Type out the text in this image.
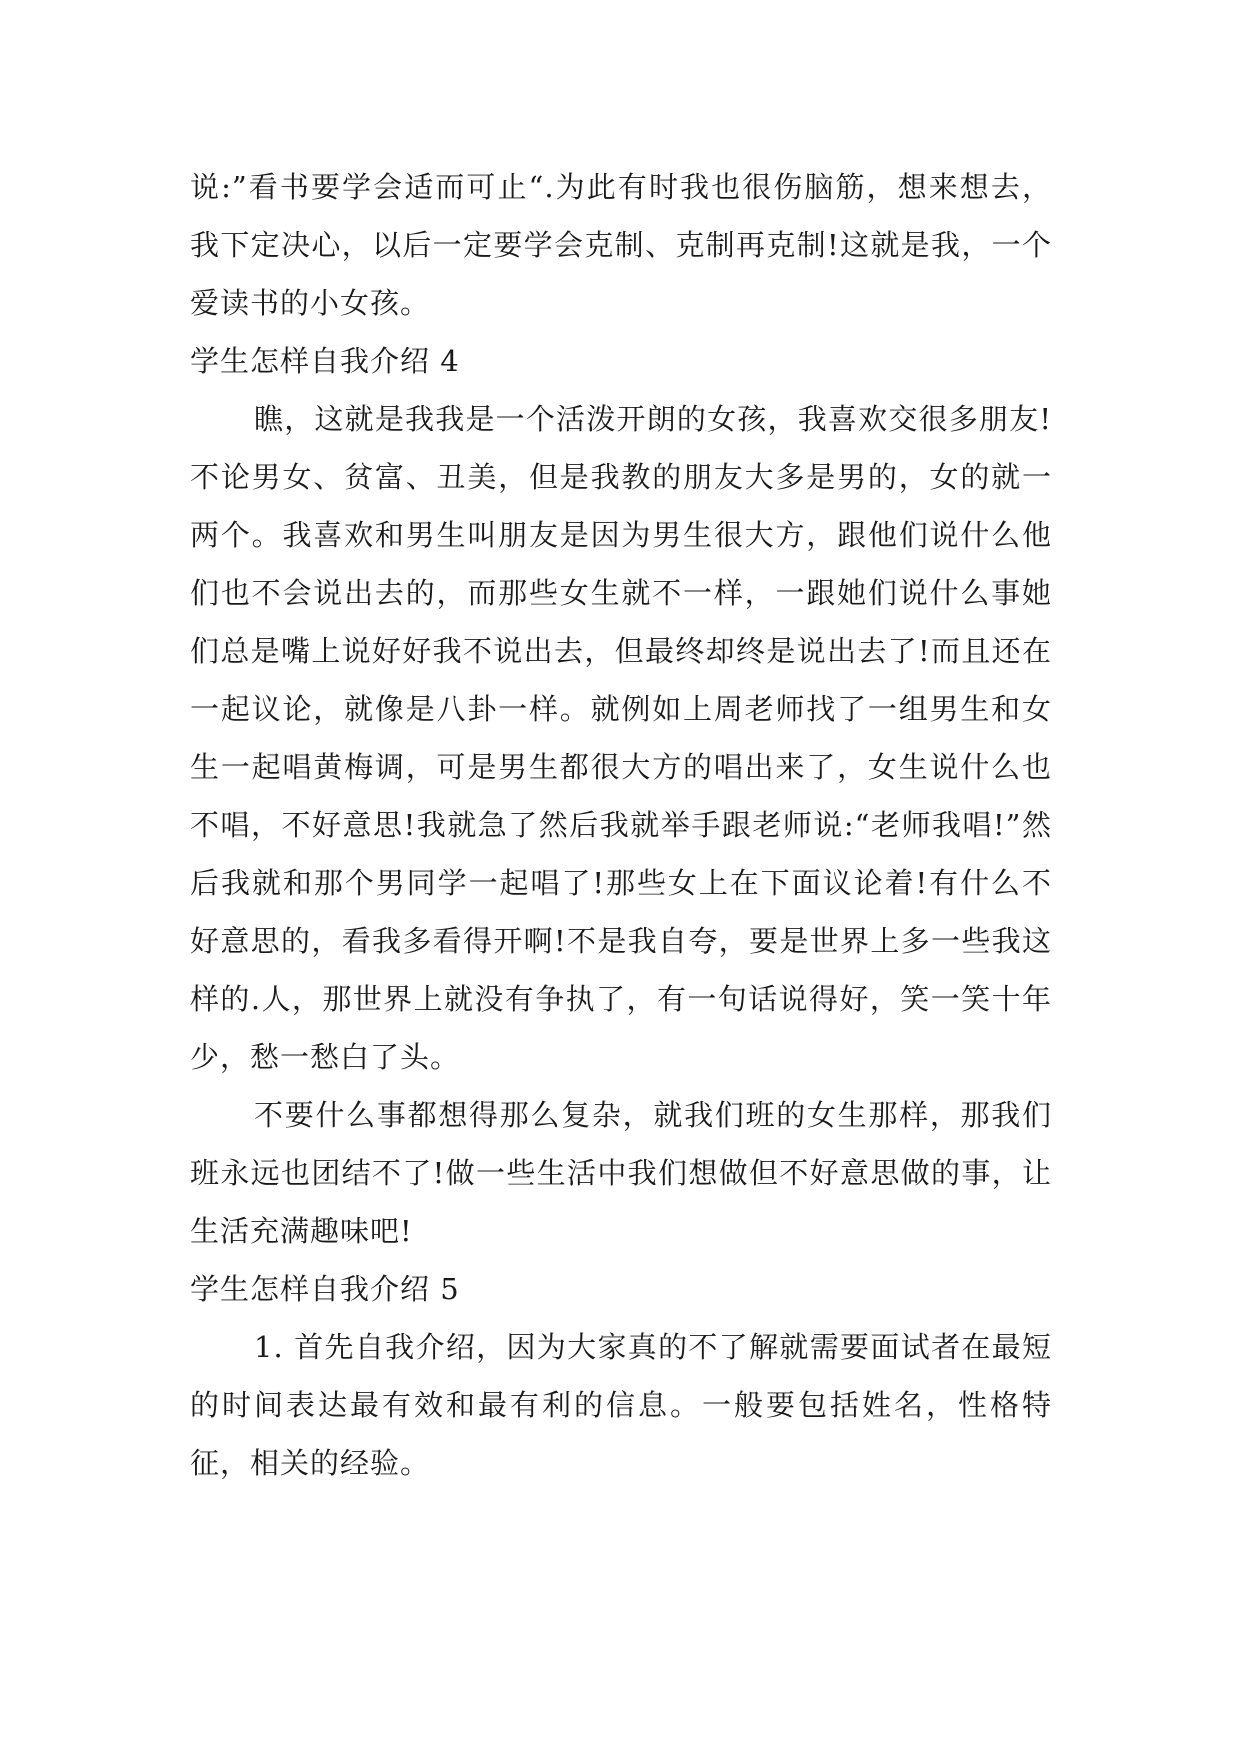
说:”看书要学会适而可止“.为此有时我也很伤脑筋，想来想去，我下定决心，以后一定要学会克制、克制再克制!这就是我，一个爱读书的小女孩。

学生怎样自我介绍 4

瞧，这就是我我是一个活泼开朗的女孩，我喜欢交很多朋友!不论男女、贫富、丑美，但是我教的朋友大多是男的，女的就一两个。我喜欢和男生叫朋友是因为男生很大方，跟他们说什么他们也不会说出去的，而那些女生就不一样，一跟她们说什么事她们总是嘴上说好好我不说出去，但最终却终是说出去了!而且还在一起议论，就像是八卦一样。就例如上周老师找了一组男生和女生一起唱黄梅调，可是男生都很大方的唱出来了，女生说什么也不唱，不好意思!我就急了然后我就举手跟老师说:“老师我唱!”然后我就和那个男同学一起唱了!那些女上在下面议论着!有什么不好意思的，看我多看得开啊!不是我自夸，要是世界上多一些我这样的.人，那世界上就没有争执了，有一句话说得好，笑一笑十年少，愁一愁白了头。

不要什么事都想得那么复杂，就我们班的女生那样，那我们班永远也团结不了!做一些生活中我们想做但不好意思做的事，让生活充满趣味吧!

学生怎样自我介绍 5

1. 首先自我介绍，因为大家真的不了解就需要面试者在最短的时间表达最有效和最有利的信息。一般要包括姓名，性格特征，相关的经验。
